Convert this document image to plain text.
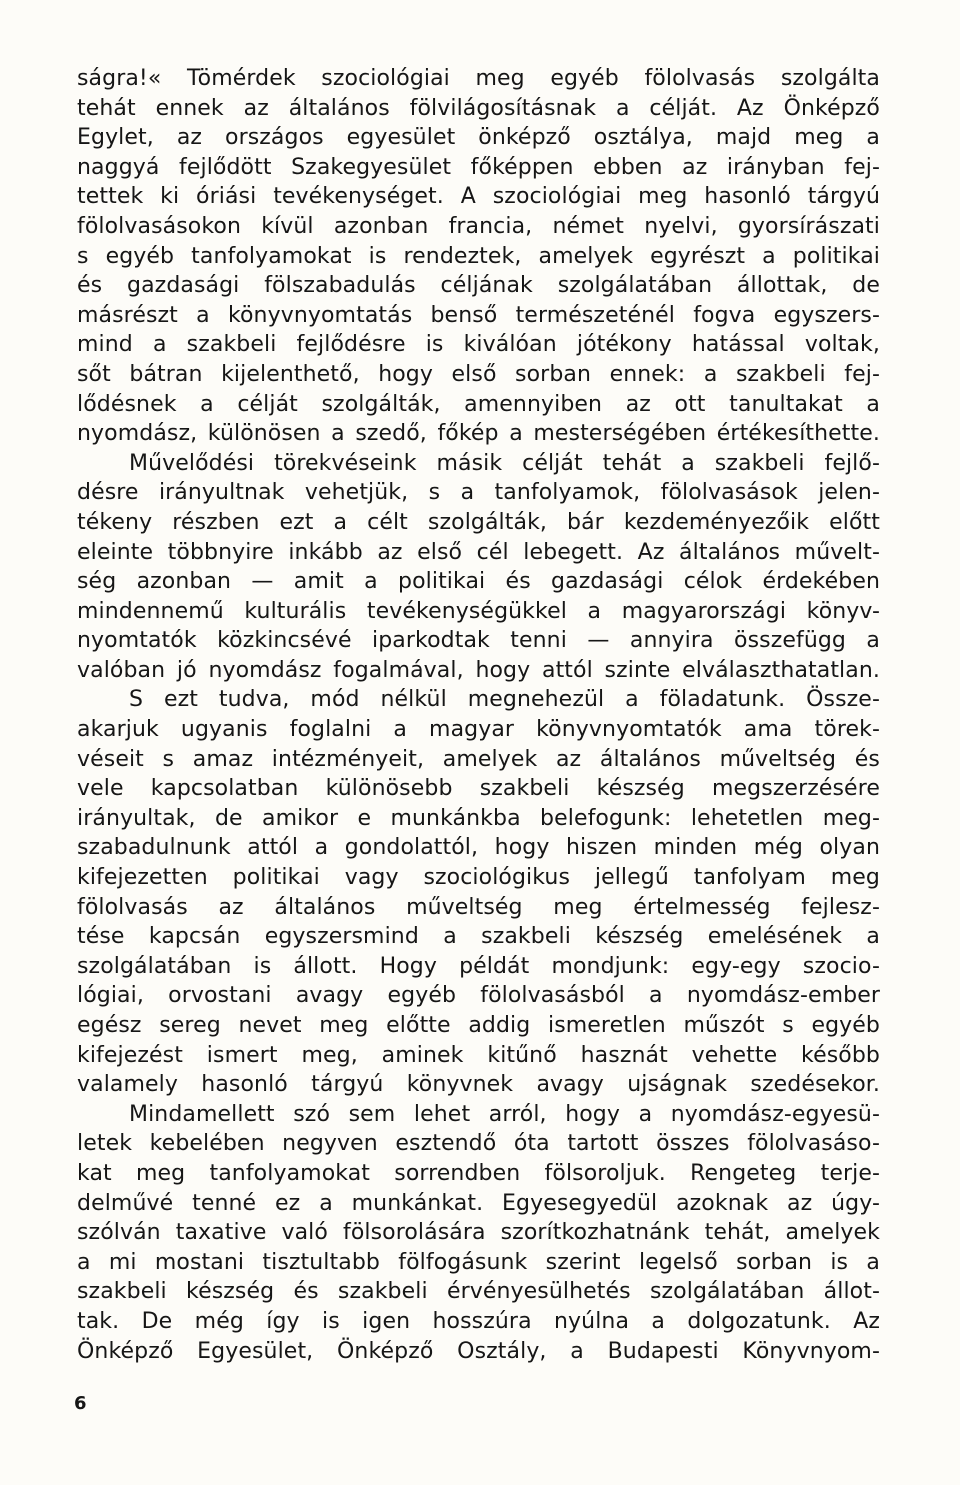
ságra!« Tömérdek szociológiai meg egyéb fölolvasás szolgálta
tehát ennek az általános fölvilágosításnak a célját. Az Önképző
Egylet, az országos egyesület önképző osztálya, majd meg a
naggyá fejlődött Szakegyesület főképpen ebben az irányban fej-
tettek ki óriási tevékenységet. A szociológiai meg hasonló tárgyú
fölolvasásokon kívül azonban francia, német nyelvi, gyorsírászati
s egyéb tanfolyamokat is rendeztek, amelyek egyrészt a politikai
és gazdasági fölszabadulás céljának szolgálatában állottak, de
másrészt a könyvnyomtatás benső természeténél fogva egyszers-
mind a szakbeli fejlődésre is kiválóan jótékony hatással voltak,
sőt bátran kijelenthető, hogy első sorban ennek: a szakbeli fej-
lődésnek a célját szolgálták, amennyiben az ott tanultakat a
nyomdász, különösen a szedő, főkép a mesterségében értékesíthette.
Művelődési törekvéseink másik célját tehát a szakbeli fejlő-
désre irányultnak vehetjük, s a tanfolyamok, fölolvasások jelen-
tékeny részben ezt a célt szolgálták, bár kezdeményezőik előtt
eleinte többnyire inkább az első cél lebegett. Az általános művelt-
ség azonban — amit a politikai és gazdasági célok érdekében
mindennemű kulturális tevékenységükkel a magyarországi könyv-
nyomtatók közkincsévé iparkodtak tenni — annyira összefügg a
valóban jó nyomdász fogalmával, hogy attól szinte elválaszthatatlan.
S ezt tudva, mód nélkül megnehezül a föladatunk. Össze-
akarjuk ugyanis foglalni a magyar könyvnyomtatók ama törek-
véseit s amaz intézményeit, amelyek az általános műveltség és
vele kapcsolatban különösebb szakbeli készség megszerzésére
irányultak, de amikor e munkánkba belefogunk: lehetetlen meg-
szabadulnunk attól a gondolattól, hogy hiszen minden még olyan
kifejezetten politikai vagy szociológikus jellegű tanfolyam meg
fölolvasás az általános műveltség meg értelmesség fejlesz-
tése kapcsán egyszersmind a szakbeli készség emelésének a
szolgálatában is állott. Hogy példát mondjunk: egy-egy szocio-
lógiai, orvostani avagy egyéb fölolvasásból a nyomdász-ember
egész sereg nevet meg előtte addig ismeretlen műszót s egyéb
kifejezést ismert meg, aminek kitűnő hasznát vehette később
valamely hasonló tárgyú könyvnek avagy ujságnak szedésekor.
Mindamellett szó sem lehet arról, hogy a nyomdász-egyesü-
letek kebelében negyven esztendő óta tartott összes fölolvasáso-
kat meg tanfolyamokat sorrendben fölsoroljuk. Rengeteg terje-
delművé tenné ez a munkánkat. Egyesegyedül azoknak az úgy-
szólván taxative való fölsorolására szorítkozhatnánk tehát, amelyek
a mi mostani tisztultabb fölfogásunk szerint legelső sorban is a
szakbeli készség és szakbeli érvényesülhetés szolgálatában állot-
tak. De még így is igen hosszúra nyúlna a dolgozatunk. Az
Önképző Egyesület, Önképző Osztály, a Budapesti Könyvnyom-
6
